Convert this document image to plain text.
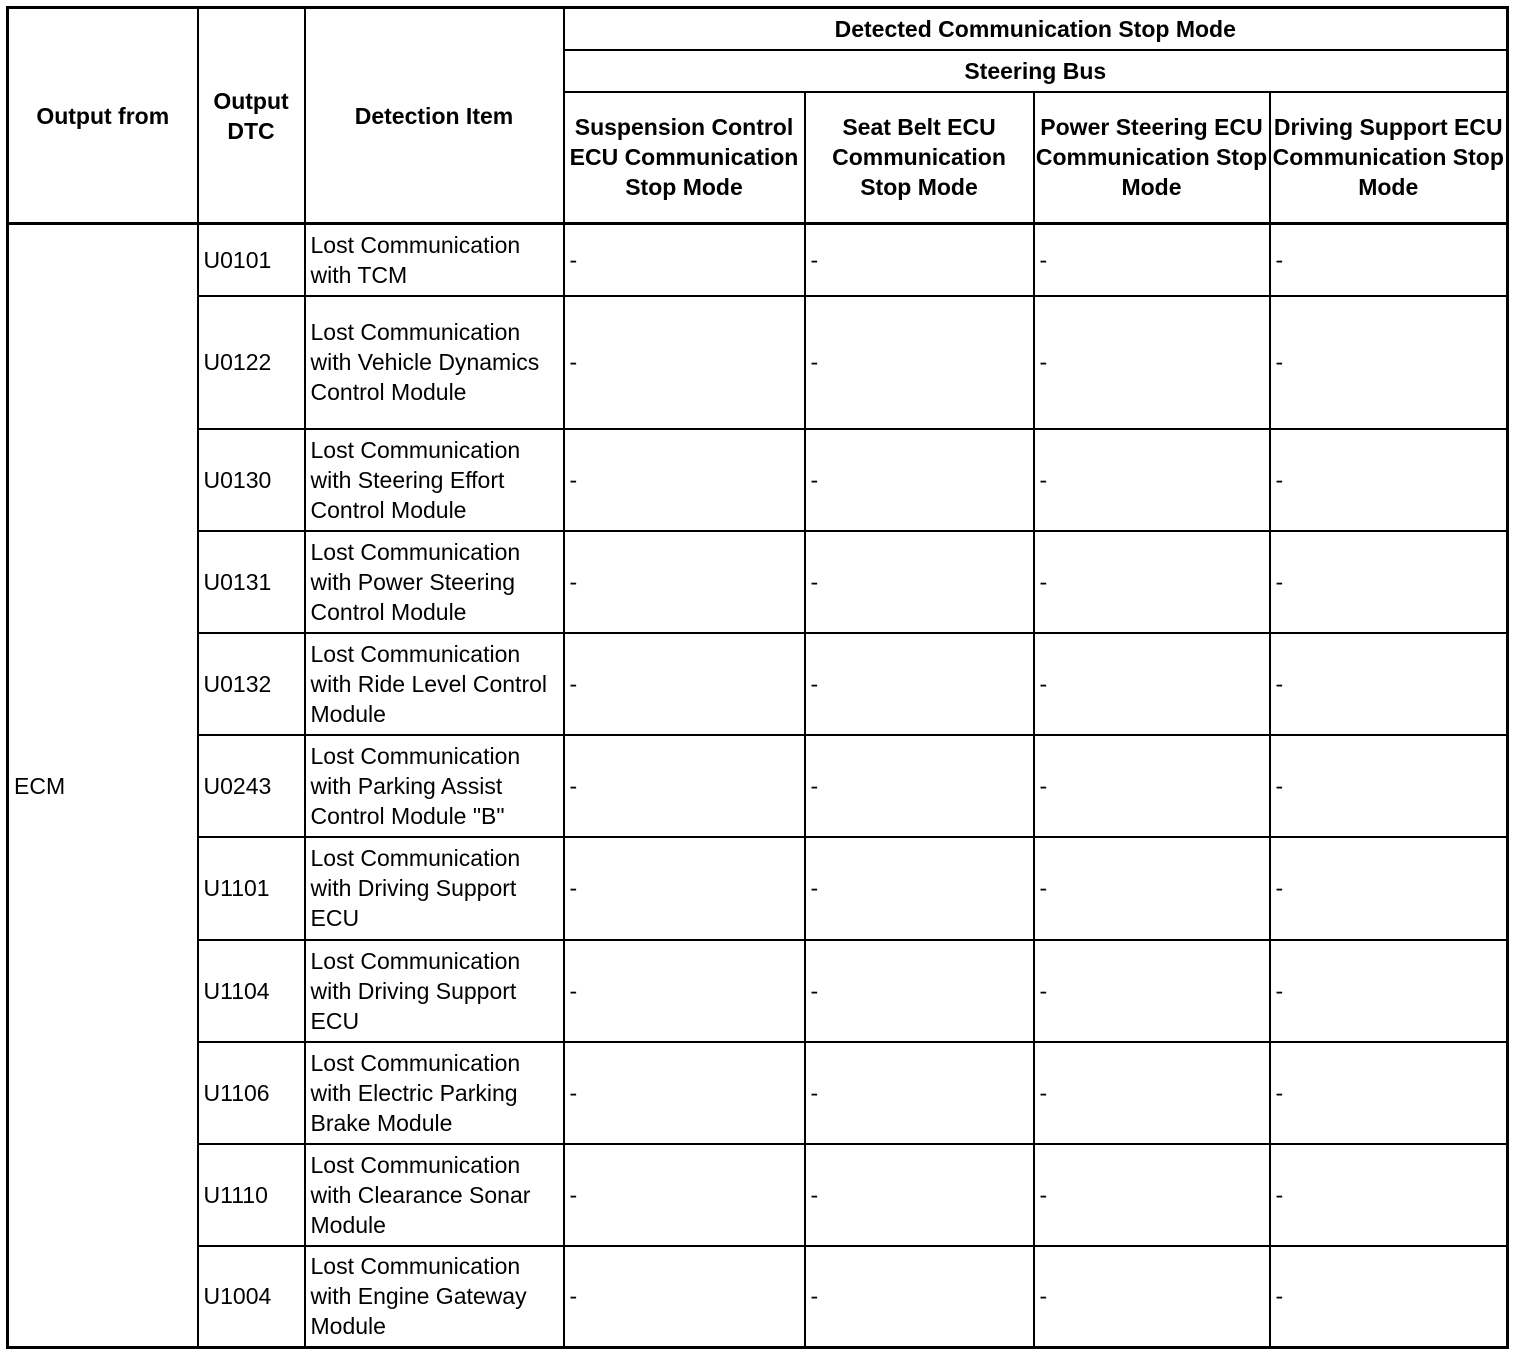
Output from	Output DTC	Detection Item	Detected Communication Stop Mode			
			Steering Bus			
			Suspension Control ECU Communication Stop Mode	Seat Belt ECU Communication Stop Mode	Power Steering ECU Communication Stop Mode	Driving Support ECU Communication Stop Mode
ECM	U0101	Lost Communication with TCM	-	-	-	-
	U0122	Lost Communication with Vehicle Dynamics Control Module	-	-	-	-
	U0130	Lost Communication with Steering Effort Control Module	-	-	-	-
	U0131	Lost Communication with Power Steering Control Module	-	-	-	-
	U0132	Lost Communication with Ride Level Control Module	-	-	-	-
	U0243	Lost Communication with Parking Assist Control Module "B"	-	-	-	-
	U1101	Lost Communication with Driving Support ECU	-	-	-	-
	U1104	Lost Communication with Driving Support ECU	-	-	-	-
	U1106	Lost Communication with Electric Parking Brake Module	-	-	-	-
	U1110	Lost Communication with Clearance Sonar Module	-	-	-	-
	U1004	Lost Communication with Engine Gateway Module	-	-	-	-
